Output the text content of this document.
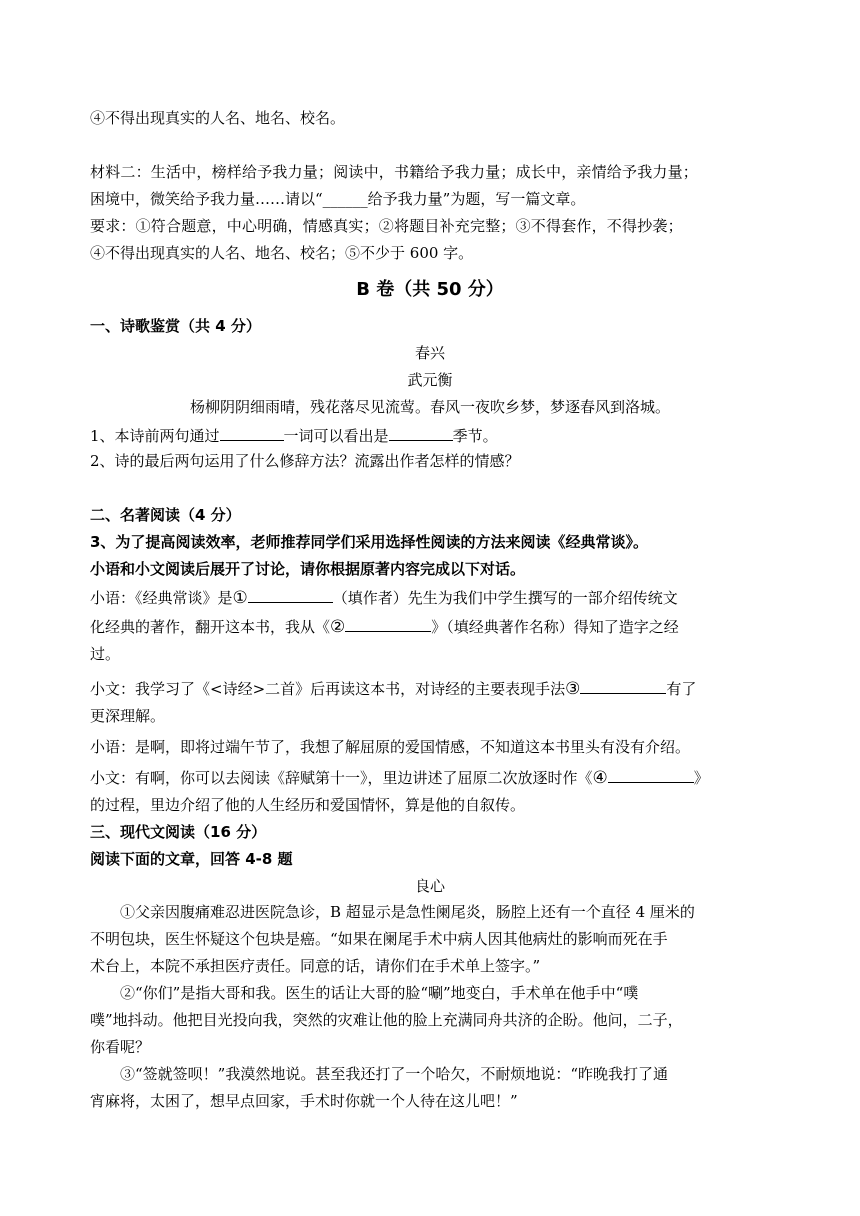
④不得出现真实的人名、地名、校名。
材料二：生活中，榜样给予我力量；阅读中，书籍给予我力量；成长中，亲情给予我力量；
困境中，微笑给予我力量……请以“______给予我力量”为题，写一篇文章。
要求：①符合题意，中心明确，情感真实；②将题目补充完整；③不得套作，不得抄袭；
④不得出现真实的人名、地名、校名；⑤不少于 600 字。
B 卷（共 50 分）
一、诗歌鉴赏（共 4 分）
春兴
武元衡
杨柳阴阴细雨晴，残花落尽见流莺。春风一夜吹乡梦，梦逐春风到洛城。
1、本诗前两句通过	一词可以看出是	季节。
2、诗的最后两句运用了什么修辞方法？流露出作者怎样的情感？
二、名著阅读（4 分）
3、为了提高阅读效率，老师推荐同学们采用选择性阅读的方法来阅读《经典常谈》。
小语和小文阅读后展开了讨论，请你根据原著内容完成以下对话。
小语：《经典常谈》是①	（填作者）先生为我们中学生撰写的一部介绍传统文
化经典的著作，翻开这本书，我从《②	》（填经典著作名称）得知了造字之经
过。
小文：我学习了《<诗经>二首》后再读这本书，对诗经的主要表现手法③	有了
更深理解。
小语：是啊，即将过端午节了，我想了解屈原的爱国情感，不知道这本书里头有没有介绍。
小文：有啊，你可以去阅读《辞赋第十一》，里边讲述了屈原二次放逐时作《④	》
的过程，里边介绍了他的人生经历和爱国情怀，算是他的自叙传。
三、现代文阅读（16 分）
阅读下面的文章，回答 4-8 题
良心
①父亲因腹痛难忍进医院急诊，B 超显示是急性阑尾炎，肠腔上还有一个直径 4 厘米的
不明包块，医生怀疑这个包块是癌。“如果在阑尾手术中病人因其他病灶的影响而死在手
术台上，本院不承担医疗责任。同意的话，请你们在手术单上签字。”
②“你们”是指大哥和我。医生的话让大哥的脸“唰”地变白，手术单在他手中“噗
噗”地抖动。他把目光投向我，突然的灾难让他的脸上充满同舟共济的企盼。他问，二子，
你看呢？
③“签就签呗！”我漠然地说。甚至我还打了一个哈欠，不耐烦地说：“昨晚我打了通
宵麻将，太困了，想早点回家，手术时你就一个人待在这儿吧！”
